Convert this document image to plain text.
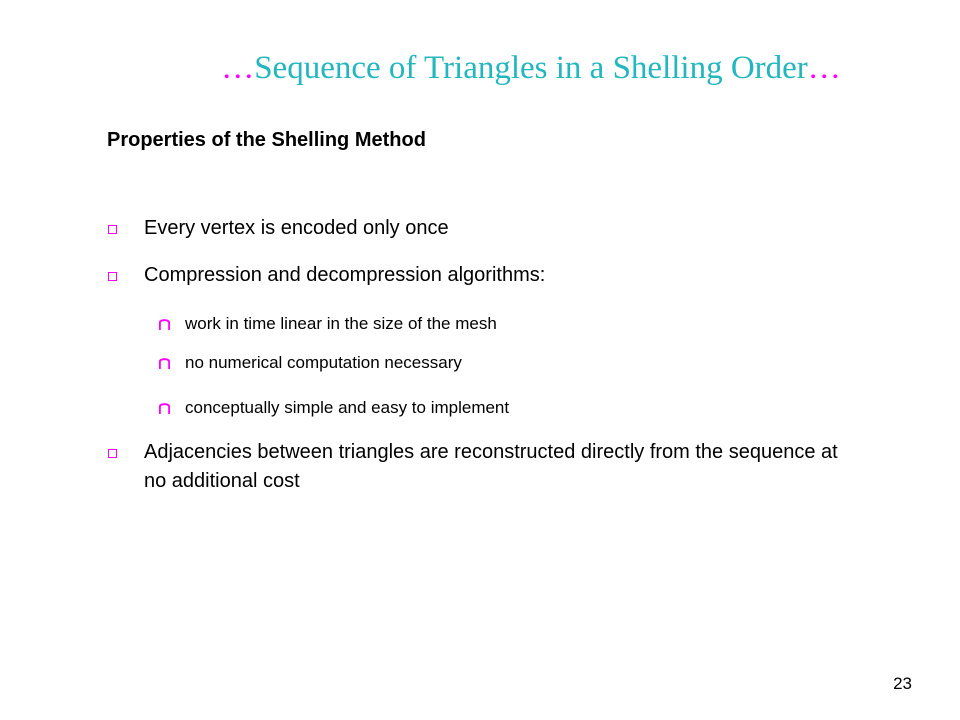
…Sequence of Triangles in a Shelling Order…
Properties of the Shelling Method
Every vertex is encoded only once
Compression and decompression algorithms:
work in time linear in the size of the mesh
no numerical computation necessary
conceptually simple and easy to implement
Adjacencies between triangles are reconstructed directly from the sequence at no additional cost
23
